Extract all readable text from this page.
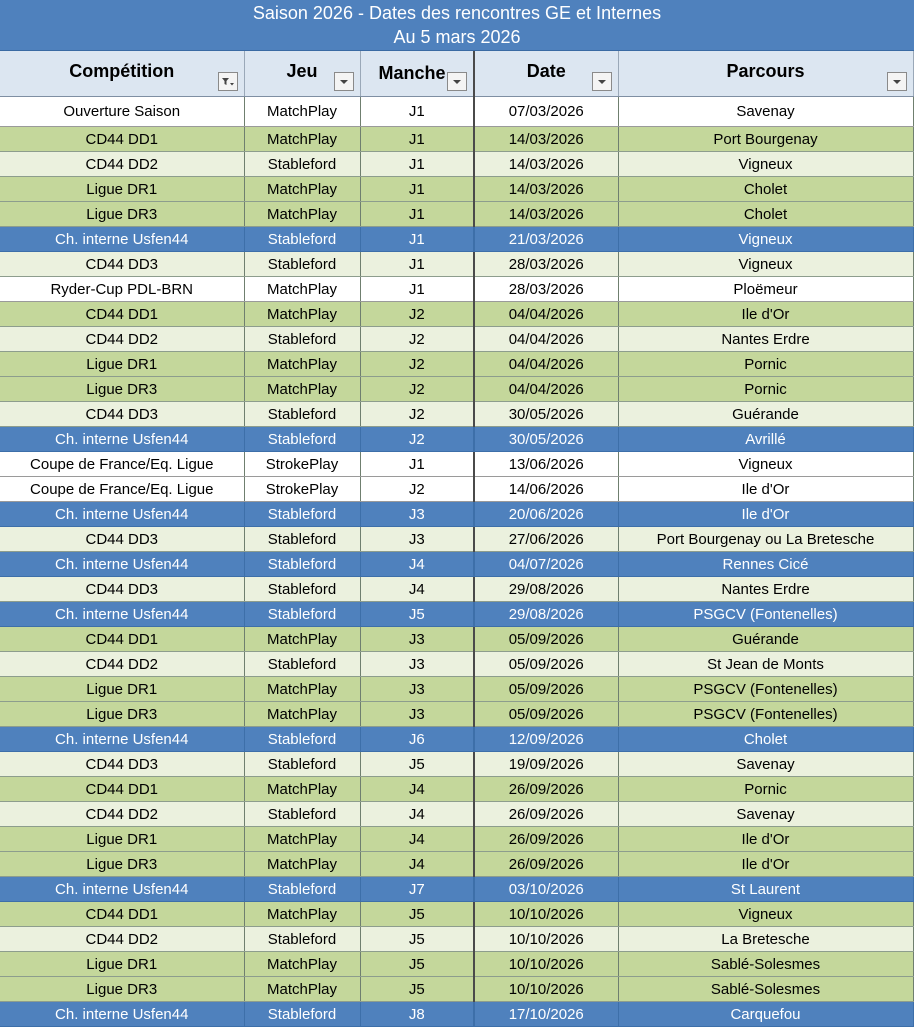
Saison 2026 - Dates des rencontres GE et Internes
Au 5 mars 2026
Compétition	Jeu	Manche	Date	Parcours

Ouverture Saison	MatchPlay	J1	07/03/2026	Savenay
CD44 DD1	MatchPlay	J1	14/03/2026	Port Bourgenay
CD44 DD2	Stableford	J1	14/03/2026	Vigneux
Ligue DR1	MatchPlay	J1	14/03/2026	Cholet
Ligue DR3	MatchPlay	J1	14/03/2026	Cholet
Ch. interne Usfen44	Stableford	J1	21/03/2026	Vigneux
CD44 DD3	Stableford	J1	28/03/2026	Vigneux
Ryder-Cup PDL-BRN	MatchPlay	J1	28/03/2026	Ploëmeur
CD44 DD1	MatchPlay	J2	04/04/2026	Ile d'Or
CD44 DD2	Stableford	J2	04/04/2026	Nantes Erdre
Ligue DR1	MatchPlay	J2	04/04/2026	Pornic
Ligue DR3	MatchPlay	J2	04/04/2026	Pornic
CD44 DD3	Stableford	J2	30/05/2026	Guérande
Ch. interne Usfen44	Stableford	J2	30/05/2026	Avrillé
Coupe de France/Eq. Ligue	StrokePlay	J1	13/06/2026	Vigneux
Coupe de France/Eq. Ligue	StrokePlay	J2	14/06/2026	Ile d'Or
Ch. interne Usfen44	Stableford	J3	20/06/2026	Ile d'Or
CD44 DD3	Stableford	J3	27/06/2026	Port Bourgenay ou La Bretesche
Ch. interne Usfen44	Stableford	J4	04/07/2026	Rennes Cicé
CD44 DD3	Stableford	J4	29/08/2026	Nantes Erdre
Ch. interne Usfen44	Stableford	J5	29/08/2026	PSGCV (Fontenelles)
CD44 DD1	MatchPlay	J3	05/09/2026	Guérande
CD44 DD2	Stableford	J3	05/09/2026	St Jean de Monts
Ligue DR1	MatchPlay	J3	05/09/2026	PSGCV (Fontenelles)
Ligue DR3	MatchPlay	J3	05/09/2026	PSGCV (Fontenelles)
Ch. interne Usfen44	Stableford	J6	12/09/2026	Cholet
CD44 DD3	Stableford	J5	19/09/2026	Savenay
CD44 DD1	MatchPlay	J4	26/09/2026	Pornic
CD44 DD2	Stableford	J4	26/09/2026	Savenay
Ligue DR1	MatchPlay	J4	26/09/2026	Ile d'Or
Ligue DR3	MatchPlay	J4	26/09/2026	Ile d'Or
Ch. interne Usfen44	Stableford	J7	03/10/2026	St Laurent
CD44 DD1	MatchPlay	J5	10/10/2026	Vigneux
CD44 DD2	Stableford	J5	10/10/2026	La Bretesche
Ligue DR1	MatchPlay	J5	10/10/2026	Sablé-Solesmes
Ligue DR3	MatchPlay	J5	10/10/2026	Sablé-Solesmes
Ch. interne Usfen44	Stableford	J8	17/10/2026	Carquefou
